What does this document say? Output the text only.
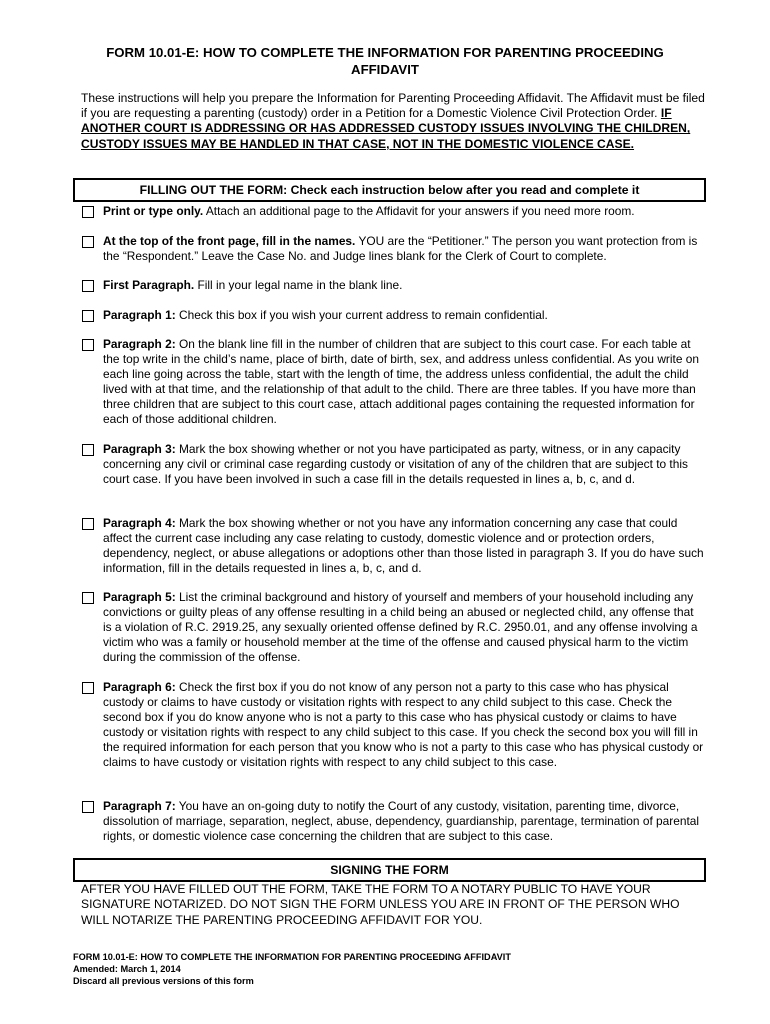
FORM 10.01-E: HOW TO COMPLETE THE INFORMATION FOR PARENTING PROCEEDING
AFFIDAVIT
These instructions will help you prepare the Information for Parenting Proceeding Affidavit. The Affidavit must be filed if you are requesting a parenting (custody) order in a Petition for a Domestic Violence Civil Protection Order. IF ANOTHER COURT IS ADDRESSING OR HAS ADDRESSED CUSTODY ISSUES INVOLVING THE CHILDREN, CUSTODY ISSUES MAY BE HANDLED IN THAT CASE, NOT IN THE DOMESTIC VIOLENCE CASE.
FILLING OUT THE FORM: Check each instruction below after you read and complete it
Print or type only. Attach an additional page to the Affidavit for your answers if you need more room.
At the top of the front page, fill in the names. YOU are the “Petitioner.” The person you want protection from is the “Respondent.” Leave the Case No. and Judge lines blank for the Clerk of Court to complete.
First Paragraph. Fill in your legal name in the blank line.
Paragraph 1: Check this box if you wish your current address to remain confidential.
Paragraph 2: On the blank line fill in the number of children that are subject to this court case. For each table at the top write in the child’s name, place of birth, date of birth, sex, and address unless confidential. As you write on each line going across the table, start with the length of time, the address unless confidential, the adult the child lived with at that time, and the relationship of that adult to the child. There are three tables. If you have more than three children that are subject to this court case, attach additional pages containing the requested information for each of those additional children.
Paragraph 3: Mark the box showing whether or not you have participated as party, witness, or in any capacity concerning any civil or criminal case regarding custody or visitation of any of the children that are subject to this court case. If you have been involved in such a case fill in the details requested in lines a, b, c, and d.
Paragraph 4: Mark the box showing whether or not you have any information concerning any case that could affect the current case including any case relating to custody, domestic violence and or protection orders, dependency, neglect, or abuse allegations or adoptions other than those listed in paragraph 3. If you do have such information, fill in the details requested in lines a, b, c, and d.
Paragraph 5: List the criminal background and history of yourself and members of your household including any convictions or guilty pleas of any offense resulting in a child being an abused or neglected child, any offense that is a violation of R.C. 2919.25, any sexually oriented offense defined by R.C. 2950.01, and any offense involving a victim who was a family or household member at the time of the offense and caused physical harm to the victim during the commission of the offense.
Paragraph 6: Check the first box if you do not know of any person not a party to this case who has physical custody or claims to have custody or visitation rights with respect to any child subject to this case. Check the second box if you do know anyone who is not a party to this case who has physical custody or claims to have custody or visitation rights with respect to any child subject to this case. If you check the second box you will fill in the required information for each person that you know who is not a party to this case who has physical custody or claims to have custody or visitation rights with respect to any child subject to this case.
Paragraph 7: You have an on-going duty to notify the Court of any custody, visitation, parenting time, divorce, dissolution of marriage, separation, neglect, abuse, dependency, guardianship, parentage, termination of parental rights, or domestic violence case concerning the children that are subject to this case.
SIGNING THE FORM
AFTER YOU HAVE FILLED OUT THE FORM, TAKE THE FORM TO A NOTARY PUBLIC TO HAVE YOUR SIGNATURE NOTARIZED. DO NOT SIGN THE FORM UNLESS YOU ARE IN FRONT OF THE PERSON WHO WILL NOTARIZE THE PARENTING PROCEEDING AFFIDAVIT FOR YOU.
FORM 10.01-E: HOW TO COMPLETE THE INFORMATION FOR PARENTING PROCEEDING AFFIDAVIT
Amended: March 1, 2014
Discard all previous versions of this form
